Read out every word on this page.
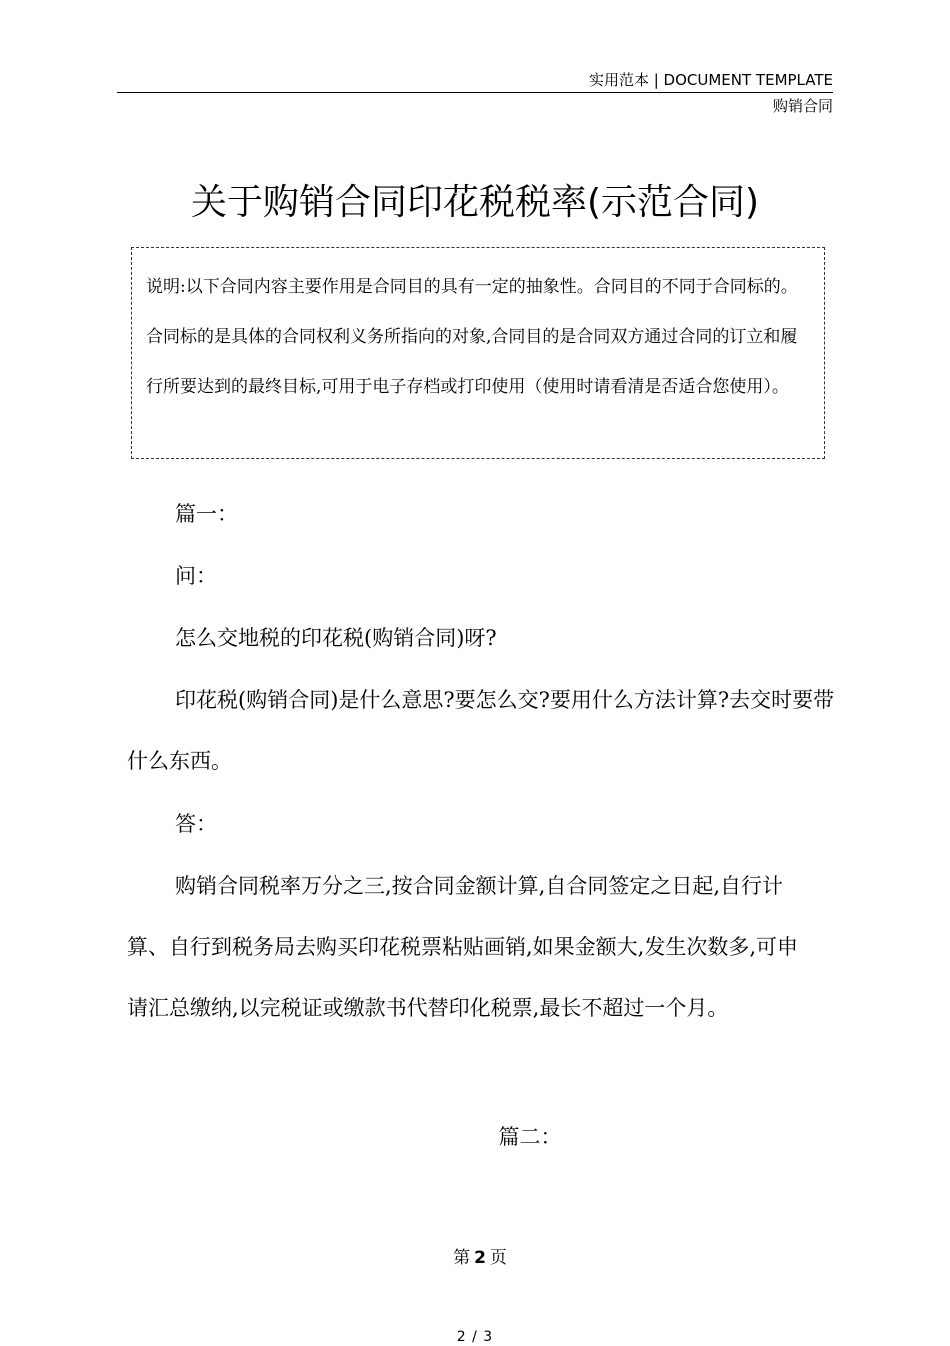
实用范本 | DOCUMENT TEMPLATE
购销合同
关于购销合同印花税税率(示范合同)
说明:以下合同内容主要作用是合同目的具有一定的抽象性。合同目的不同于合同标的。合同标的是具体的合同权利义务所指向的对象,合同目的是合同双方通过合同的订立和履行所要达到的最终目标,可用于电子存档或打印使用（使用时请看清是否适合您使用）。

篇一：

问：

怎么交地税的印花税(购销合同)呀?

印花税(购销合同)是什么意思?要怎么交?要用什么方法计算?去交时要带什么东西。

答：

购销合同税率万分之三,按合同金额计算,自合同签定之日起,自行计算、自行到税务局去购买印花税票粘贴画销,如果金额大,发生次数多,可申请汇总缴纳,以完税证或缴款书代替印化税票,最长不超过一个月。

篇二：
第 2 页
2 / 3
